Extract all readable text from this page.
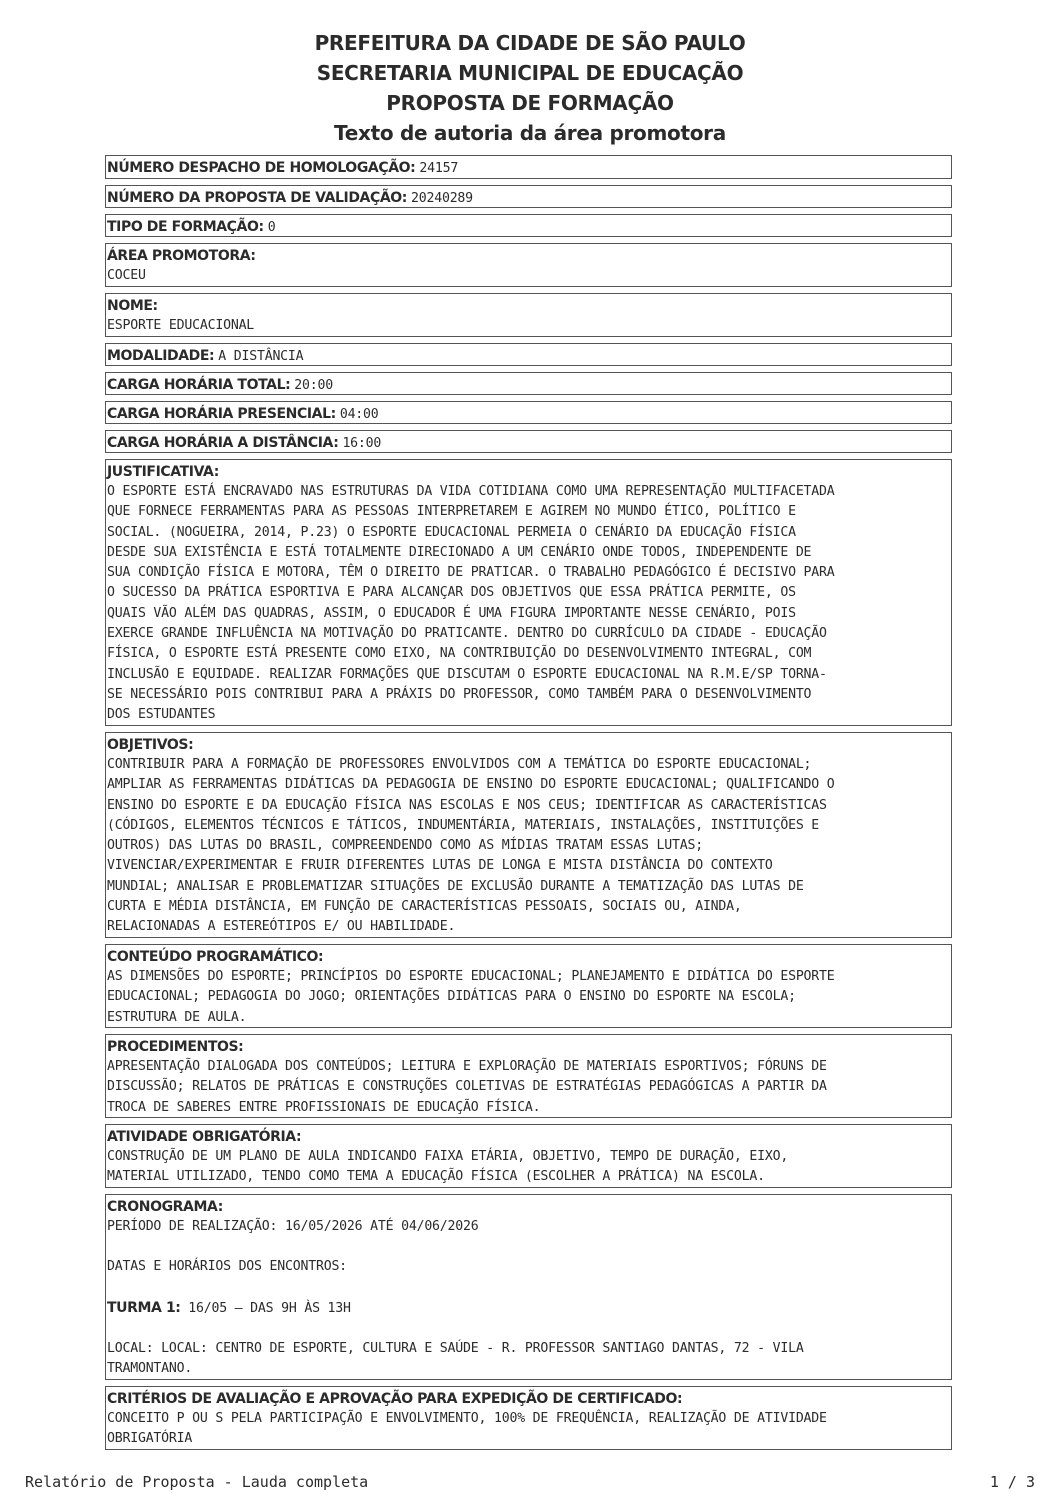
PREFEITURA DA CIDADE DE SÃO PAULO
SECRETARIA MUNICIPAL DE EDUCAÇÃO
PROPOSTA DE FORMAÇÃO
Texto de autoria da área promotora
NÚMERO DESPACHO DE HOMOLOGAÇÃO: 24157
NÚMERO DA PROPOSTA DE VALIDAÇÃO: 20240289
TIPO DE FORMAÇÃO: 0
ÁREA PROMOTORA:
COCEU
NOME:
ESPORTE EDUCACIONAL
MODALIDADE: A DISTÂNCIA
CARGA HORÁRIA TOTAL: 20:00
CARGA HORÁRIA PRESENCIAL: 04:00
CARGA HORÁRIA A DISTÂNCIA: 16:00
JUSTIFICATIVA:
O ESPORTE ESTÁ ENCRAVADO NAS ESTRUTURAS DA VIDA COTIDIANA COMO UMA REPRESENTAÇÃO MULTIFACETADA
QUE FORNECE FERRAMENTAS PARA AS PESSOAS INTERPRETAREM E AGIREM NO MUNDO ÉTICO, POLÍTICO E
SOCIAL. (NOGUEIRA, 2014, P.23) O ESPORTE EDUCACIONAL PERMEIA O CENÁRIO DA EDUCAÇÃO FÍSICA
DESDE SUA EXISTÊNCIA E ESTÁ TOTALMENTE DIRECIONADO A UM CENÁRIO ONDE TODOS, INDEPENDENTE DE
SUA CONDIÇÃO FÍSICA E MOTORA, TÊM O DIREITO DE PRATICAR. O TRABALHO PEDAGÓGICO É DECISIVO PARA
O SUCESSO DA PRÁTICA ESPORTIVA E PARA ALCANÇAR DOS OBJETIVOS QUE ESSA PRÁTICA PERMITE, OS
QUAIS VÃO ALÉM DAS QUADRAS, ASSIM, O EDUCADOR É UMA FIGURA IMPORTANTE NESSE CENÁRIO, POIS
EXERCE GRANDE INFLUÊNCIA NA MOTIVAÇÃO DO PRATICANTE. DENTRO DO CURRÍCULO DA CIDADE - EDUCAÇÃO
FÍSICA, O ESPORTE ESTÁ PRESENTE COMO EIXO, NA CONTRIBUIÇÃO DO DESENVOLVIMENTO INTEGRAL, COM
INCLUSÃO E EQUIDADE. REALIZAR FORMAÇÕES QUE DISCUTAM O ESPORTE EDUCACIONAL NA R.M.E/SP TORNA-
SE NECESSÁRIO POIS CONTRIBUI PARA A PRÁXIS DO PROFESSOR, COMO TAMBÉM PARA O DESENVOLVIMENTO
DOS ESTUDANTES
OBJETIVOS:
CONTRIBUIR PARA A FORMAÇÃO DE PROFESSORES ENVOLVIDOS COM A TEMÁTICA DO ESPORTE EDUCACIONAL;
AMPLIAR AS FERRAMENTAS DIDÁTICAS DA PEDAGOGIA DE ENSINO DO ESPORTE EDUCACIONAL; QUALIFICANDO O
ENSINO DO ESPORTE E DA EDUCAÇÃO FÍSICA NAS ESCOLAS E NOS CEUS; IDENTIFICAR AS CARACTERÍSTICAS
(CÓDIGOS, ELEMENTOS TÉCNICOS E TÁTICOS, INDUMENTÁRIA, MATERIAIS, INSTALAÇÕES, INSTITUIÇÕES E
OUTROS) DAS LUTAS DO BRASIL, COMPREENDENDO COMO AS MÍDIAS TRATAM ESSAS LUTAS;
VIVENCIAR/EXPERIMENTAR E FRUIR DIFERENTES LUTAS DE LONGA E MISTA DISTÂNCIA DO CONTEXTO
MUNDIAL; ANALISAR E PROBLEMATIZAR SITUAÇÕES DE EXCLUSÃO DURANTE A TEMATIZAÇÃO DAS LUTAS DE
CURTA E MÉDIA DISTÂNCIA, EM FUNÇÃO DE CARACTERÍSTICAS PESSOAIS, SOCIAIS OU, AINDA,
RELACIONADAS A ESTEREÓTIPOS E/ OU HABILIDADE.
CONTEÚDO PROGRAMÁTICO:
AS DIMENSÕES DO ESPORTE; PRINCÍPIOS DO ESPORTE EDUCACIONAL; PLANEJAMENTO E DIDÁTICA DO ESPORTE
EDUCACIONAL; PEDAGOGIA DO JOGO; ORIENTAÇÕES DIDÁTICAS PARA O ENSINO DO ESPORTE NA ESCOLA;
ESTRUTURA DE AULA.
PROCEDIMENTOS:
APRESENTAÇÃO DIALOGADA DOS CONTEÚDOS; LEITURA E EXPLORAÇÃO DE MATERIAIS ESPORTIVOS; FÓRUNS DE
DISCUSSÃO; RELATOS DE PRÁTICAS E CONSTRUÇÕES COLETIVAS DE ESTRATÉGIAS PEDAGÓGICAS A PARTIR DA
TROCA DE SABERES ENTRE PROFISSIONAIS DE EDUCAÇÃO FÍSICA.
ATIVIDADE OBRIGATÓRIA:
CONSTRUÇÃO DE UM PLANO DE AULA INDICANDO FAIXA ETÁRIA, OBJETIVO, TEMPO DE DURAÇÃO, EIXO,
MATERIAL UTILIZADO, TENDO COMO TEMA A EDUCAÇÃO FÍSICA (ESCOLHER A PRÁTICA) NA ESCOLA.
CRONOGRAMA:

PERÍODO DE REALIZAÇÃO: 16/05/2026 ATÉ 04/06/2026

DATAS E HORÁRIOS DOS ENCONTROS:

TURMA 1: 16/05 – DAS 9H ÀS 13H

LOCAL: LOCAL: CENTRO DE ESPORTE, CULTURA E SAÚDE - R. PROFESSOR SANTIAGO DANTAS, 72 - VILA
TRAMONTANO.

CRITÉRIOS DE AVALIAÇÃO E APROVAÇÃO PARA EXPEDIÇÃO DE CERTIFICADO:
CONCEITO P OU S PELA PARTICIPAÇÃO E ENVOLVIMENTO, 100% DE FREQUÊNCIA, REALIZAÇÃO DE ATIVIDADE
OBRIGATÓRIA
Relatório de Proposta - Lauda completa	1 / 3
